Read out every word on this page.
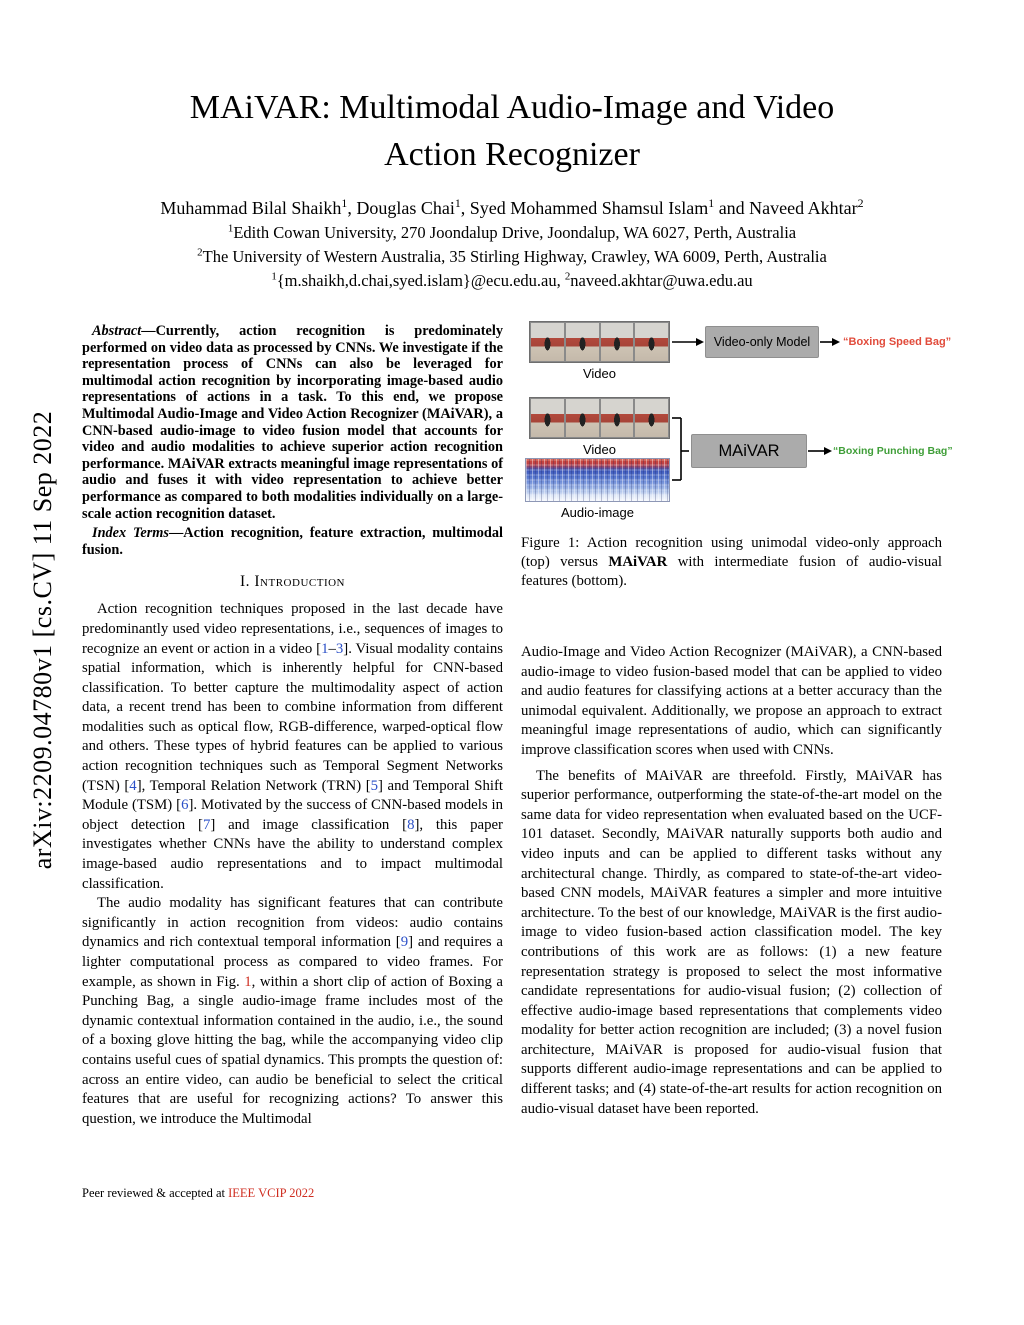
arXiv:2209.04780v1 [cs.CV] 11 Sep 2022
MAiVAR: Multimodal Audio-Image and Video
Action Recognizer
Muhammad Bilal Shaikh$^1$, Douglas Chai$^1$, Syed Mohammed Shamsul Islam$^1$ and Naveed Akhtar$^2$
$^1$Edith Cowan University, 270 Joondalup Drive, Joondalup, WA 6027, Perth, Australia
$^2$The University of Western Australia, 35 Stirling Highway, Crawley, WA 6009, Perth, Australia
$^1${m.shaikh,d.chai,syed.islam}@ecu.edu.au, $^2$naveed.akhtar@uwa.edu.au

Abstract—Currently, action recognition is predominately performed on video data as processed by CNNs. We investigate if the representation process of CNNs can also be leveraged for multimodal action recognition by incorporating image-based audio representations of actions in a task. To this end, we propose Multimodal Audio-Image and Video Action Recognizer (MAiVAR), a CNN-based audio-image to video fusion model that accounts for video and audio modalities to achieve superior action recognition performance. MAiVAR extracts meaningful image representations of audio and fuses it with video representation to achieve better performance as compared to both modalities individually on a large-scale action recognition dataset.

Index Terms—Action recognition, feature extraction, multimodal fusion.

I. Introduction

Action recognition techniques proposed in the last decade have predominantly used video representations, i.e., sequences of images to recognize an event or action in a video [1–3]. Visual modality contains spatial information, which is inherently helpful for CNN-based classification. To better capture the multimodality aspect of action data, a recent trend has been to combine information from different modalities such as optical flow, RGB-difference, warped-optical flow and others. These types of hybrid features can be applied to various action recognition techniques such as Temporal Segment Networks (TSN) [4], Temporal Relation Network (TRN) [5] and Temporal Shift Module (TSM) [6]. Motivated by the success of CNN-based models in object detection [7] and image classification [8], this paper investigates whether CNNs have the ability to understand complex image-based audio representations and to impact multimodal classification.

The audio modality has significant features that can contribute significantly in action recognition from videos: audio contains dynamics and rich contextual temporal information [9] and requires a lighter computational process as compared to video frames. For example, as shown in Fig. 1, within a short clip of action of Boxing a Punching Bag, a single audio-image frame includes most of the dynamic contextual information contained in the audio, i.e., the sound of a boxing glove hitting the bag, while the accompanying video clip contains useful cues of spatial dynamics. This prompts the question of: across an entire video, can audio be beneficial to select the critical features that are useful for recognizing actions? To answer this question, we introduce the Multimodal

Video
Video-only Model	“Boxing Speed Bag”
Video
Audio-image
MAiVAR	“Boxing Punching Bag”

Figure 1: Action recognition using unimodal video-only approach (top) versus MAiVAR with intermediate fusion of audio-visual features (bottom).

Audio-Image and Video Action Recognizer (MAiVAR), a CNN-based audio-image to video fusion-based model that can be applied to video and audio features for classifying actions at a better accuracy than the unimodal equivalent. Additionally, we propose an approach to extract meaningful image representations of audio, which can significantly improve classification scores when used with CNNs.

The benefits of MAiVAR are threefold. Firstly, MAiVAR has superior performance, outperforming the state-of-the-art model on the same data for video representation when evaluated based on the UCF-101 dataset. Secondly, MAiVAR naturally supports both audio and video inputs and can be applied to different tasks without any architectural change. Thirdly, as compared to state-of-the-art video-based CNN models, MAiVAR features a simpler and more intuitive architecture. To the best of our knowledge, MAiVAR is the first audio-image to video fusion-based action classification model. The key contributions of this work are as follows: (1) a new feature representation strategy is proposed to select the most informative candidate representations for audio-visual fusion; (2) collection of effective audio-image based representations that complements video modality for better action recognition are included; (3) a novel fusion architecture, MAiVAR is proposed for audio-visual fusion that supports different audio-image representations and can be applied to different tasks; and (4) state-of-the-art results for action recognition on audio-visual dataset have been reported.

Peer reviewed & accepted at IEEE VCIP 2022
